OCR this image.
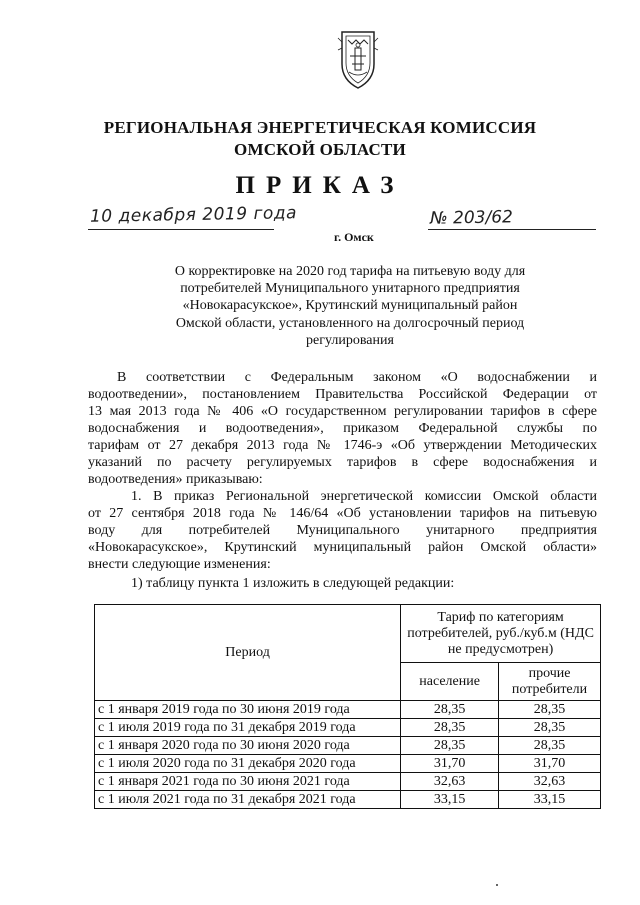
РЕГИОНАЛЬНАЯ ЭНЕРГЕТИЧЕСКАЯ КОМИССИЯ
ОМСКОЙ ОБЛАСТИ
ПРИКАЗ
10 декабря 2019 года	№ 203/62
г. Омск
О корректировке на 2020 год тарифа на питьевую воду для
потребителей Муниципального унитарного предприятия
«Новокарасукское», Крутинский муниципальный район
Омской области, установленного на долгосрочный период
регулирования
В соответствии с Федеральным законом «О водоснабжении и
водоотведении», постановлением Правительства Российской Федерации от
13 мая 2013 года № 406 «О государственном регулировании тарифов в сфере
водоснабжения и водоотведения», приказом Федеральной службы по
тарифам от 27 декабря 2013 года № 1746-э «Об утверждении Методических
указаний по расчету регулируемых тарифов в сфере водоснабжения и
водоотведения» приказываю:
1. В приказ Региональной энергетической комиссии Омской области
от 27 сентября 2018 года № 146/64 «Об установлении тарифов на питьевую
воду для потребителей Муниципального унитарного предприятия
«Новокарасукское», Крутинский муниципальный район Омской области»
внести следующие изменения:
1) таблицу пункта 1 изложить в следующей редакции:
Период	Тариф по категориям потребителей, руб./куб.м (НДС не предусмотрен)	
	население	прочие потребители
с 1 января 2019 года по 30 июня 2019 года	28,35	28,35
с 1 июля 2019 года по 31 декабря 2019 года	28,35	28,35
с 1 января 2020 года по 30 июня 2020 года	28,35	28,35
с 1 июля 2020 года по 31 декабря 2020 года	31,70	31,70
с 1 января 2021 года по 30 июня 2021 года	32,63	32,63
с 1 июля 2021 года по 31 декабря 2021 года	33,15	33,15
